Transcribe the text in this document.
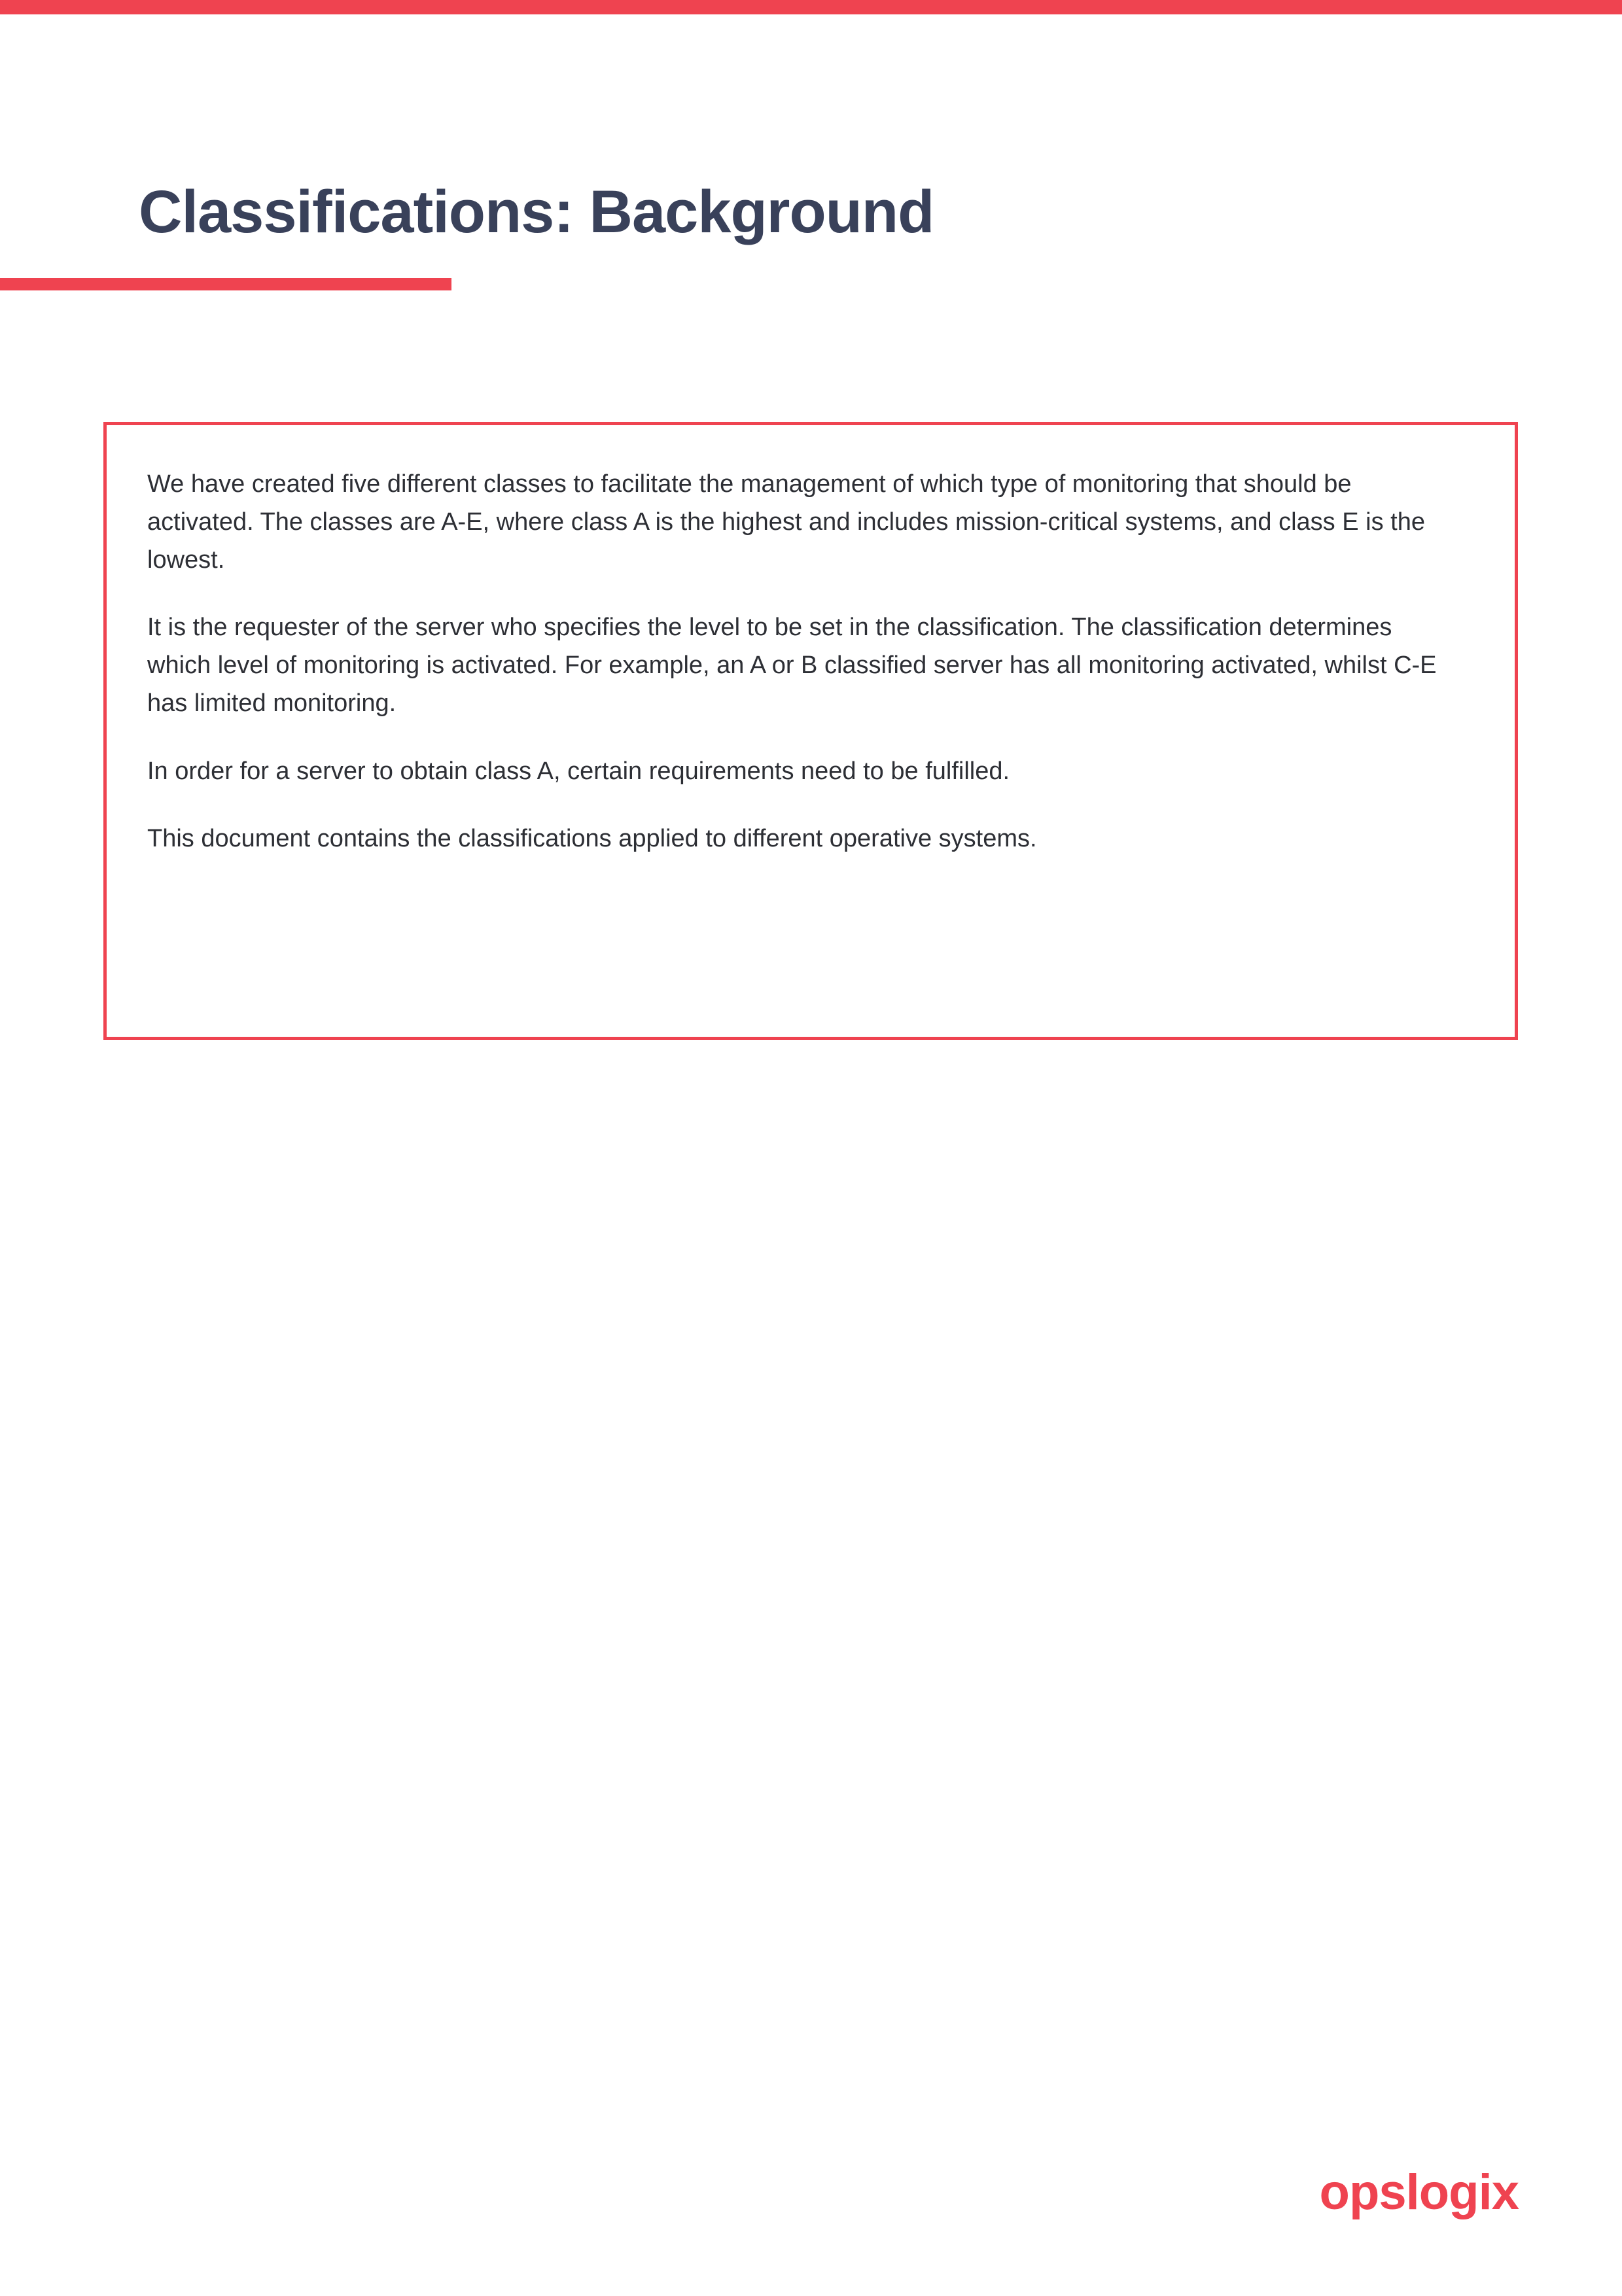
Classifications: Background

We have created five different classes to facilitate the management of which type of monitoring that should be activated. The classes are A-E, where class A is the highest and includes mission-critical systems, and class E is the lowest.

It is the requester of the server who specifies the level to be set in the classification. The classification determines which level of monitoring is activated. For example, an A or B classified server has all monitoring activated, whilst C-E has limited monitoring.

In order for a server to obtain class A, certain requirements need to be fulfilled.

This document contains the classifications applied to different operative systems.

opslogix
